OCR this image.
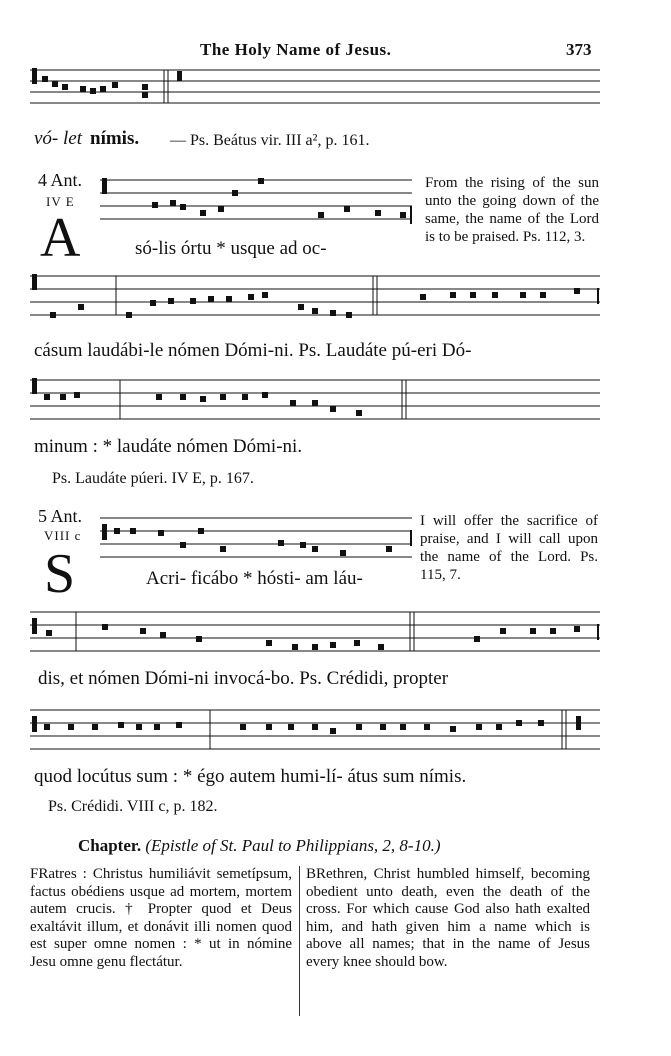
The Holy Name of Jesus.	373
vó- let nímis. — Ps. Beátus vir. III a², p. 161.
4 Ant.
IV E
A	só-lis órtu * usque ad oc-
From the rising of the sun unto the going down of the same, the name of the Lord is to be praised. Ps. 112, 3.
cásum laudábi-le nómen Dómi-ni. Ps. Laudáte pú-eri Dó-
minum : * laudáte nómen Dómi-ni.
Ps. Laudáte púeri. IV E, p. 167.
5 Ant.
VIII c
S	Acri- ficábo * hósti- am láu-
I will offer the sacrifice of praise, and I will call upon the name of the Lord. Ps. 115, 7.
dis, et nómen Dómi-ni invocá-bo. Ps. Crédidi, propter
quod locútus sum : * égo autem humi-lí- átus sum nímis.
Ps. Crédidi. VIII c, p. 182.
Chapter. (Epistle of St. Paul to Philippians, 2, 8-10.)
FRatres : Christus humiliávit semetípsum, factus obédiens usque ad mortem, mortem autem crucis. † Propter quod et Deus exaltávit illum, et donávit illi nomen quod est super omne nomen : * ut in nómine Jesu omne genu flectátur.
BRethren, Christ humbled himself, becoming obedient unto death, even the death of the cross. For which cause God also hath exalted him, and hath given him a name which is above all names; that in the name of Jesus every knee should bow.
